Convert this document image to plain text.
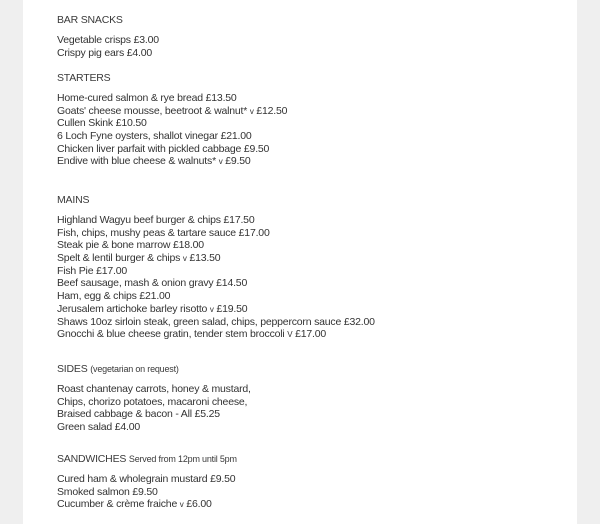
BAR SNACKS
Vegetable crisps £3.00
Crispy pig ears £4.00
STARTERS
Home-cured salmon & rye bread £13.50
Goats' cheese mousse, beetroot & walnut* v £12.50
Cullen Skink £10.50
6 Loch Fyne oysters, shallot vinegar £21.00
Chicken liver parfait with pickled cabbage £9.50
Endive with blue cheese & walnuts* v £9.50
MAINS
Highland Wagyu beef burger & chips £17.50
Fish, chips, mushy peas & tartare sauce £17.00
Steak pie & bone marrow £18.00
Spelt & lentil burger & chips v £13.50
Fish Pie £17.00
Beef sausage, mash & onion gravy £14.50
Ham, egg & chips £21.00
Jerusalem artichoke barley risotto v £19.50
Shaws 10oz sirloin steak, green salad, chips, peppercorn sauce £32.00
Gnocchi & blue cheese gratin, tender stem broccoli V £17.00
SIDES (vegetarian on request)
Roast chantenay carrots, honey & mustard,
Chips, chorizo potatoes, macaroni cheese,
Braised cabbage & bacon - All £5.25
Green salad £4.00
SANDWICHES Served from 12pm until 5pm
Cured ham & wholegrain mustard £9.50
Smoked salmon £9.50
Cucumber & crème fraiche v £6.00
